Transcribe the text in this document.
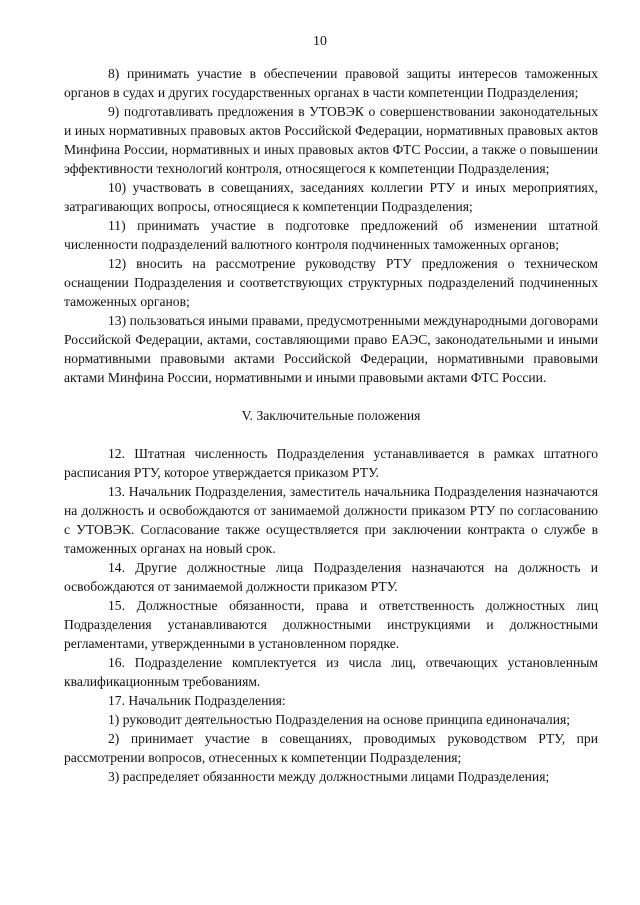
10

8) принимать участие в обеспечении правовой защиты интересов таможенных органов в судах и других государственных органах в части компетенции Подразделения;

9) подготавливать предложения в УТОВЭК о совершенствовании законодательных и иных нормативных правовых актов Российской Федерации, нормативных правовых актов Минфина России, нормативных и иных правовых актов ФТС России, а также о повышении эффективности технологий контроля, относящегося к компетенции Подразделения;

10) участвовать в совещаниях, заседаниях коллегии РТУ и иных мероприятиях, затрагивающих вопросы, относящиеся к компетенции Подразделения;

11) принимать участие в подготовке предложений об изменении штатной численности подразделений валютного контроля подчиненных таможенных органов;

12) вносить на рассмотрение руководству РТУ предложения о техническом оснащении Подразделения и соответствующих структурных подразделений подчиненных таможенных органов;

13) пользоваться иными правами, предусмотренными международными договорами Российской Федерации, актами, составляющими право ЕАЭС, законодательными и иными нормативными правовыми актами Российской Федерации, нормативными правовыми актами Минфина России, нормативными и иными правовыми актами ФТС России.

V. Заключительные положения

12. Штатная численность Подразделения устанавливается в рамках штатного расписания РТУ, которое утверждается приказом РТУ.

13. Начальник Подразделения, заместитель начальника Подразделения назначаются на должность и освобождаются от занимаемой должности приказом РТУ по согласованию с УТОВЭК. Согласование также осуществляется при заключении контракта о службе в таможенных органах на новый срок.

14. Другие должностные лица Подразделения назначаются на должность и освобождаются от занимаемой должности приказом РТУ.

15. Должностные обязанности, права и ответственность должностных лиц Подразделения устанавливаются должностными инструкциями и должностными регламентами, утвержденными в установленном порядке.

16. Подразделение комплектуется из числа лиц, отвечающих установленным квалификационным требованиям.

17. Начальник Подразделения:

1) руководит деятельностью Подразделения на основе принципа единоначалия;

2) принимает участие в совещаниях, проводимых руководством РТУ, при рассмотрении вопросов, отнесенных к компетенции Подразделения;

3) распределяет обязанности между должностными лицами Подразделения;
